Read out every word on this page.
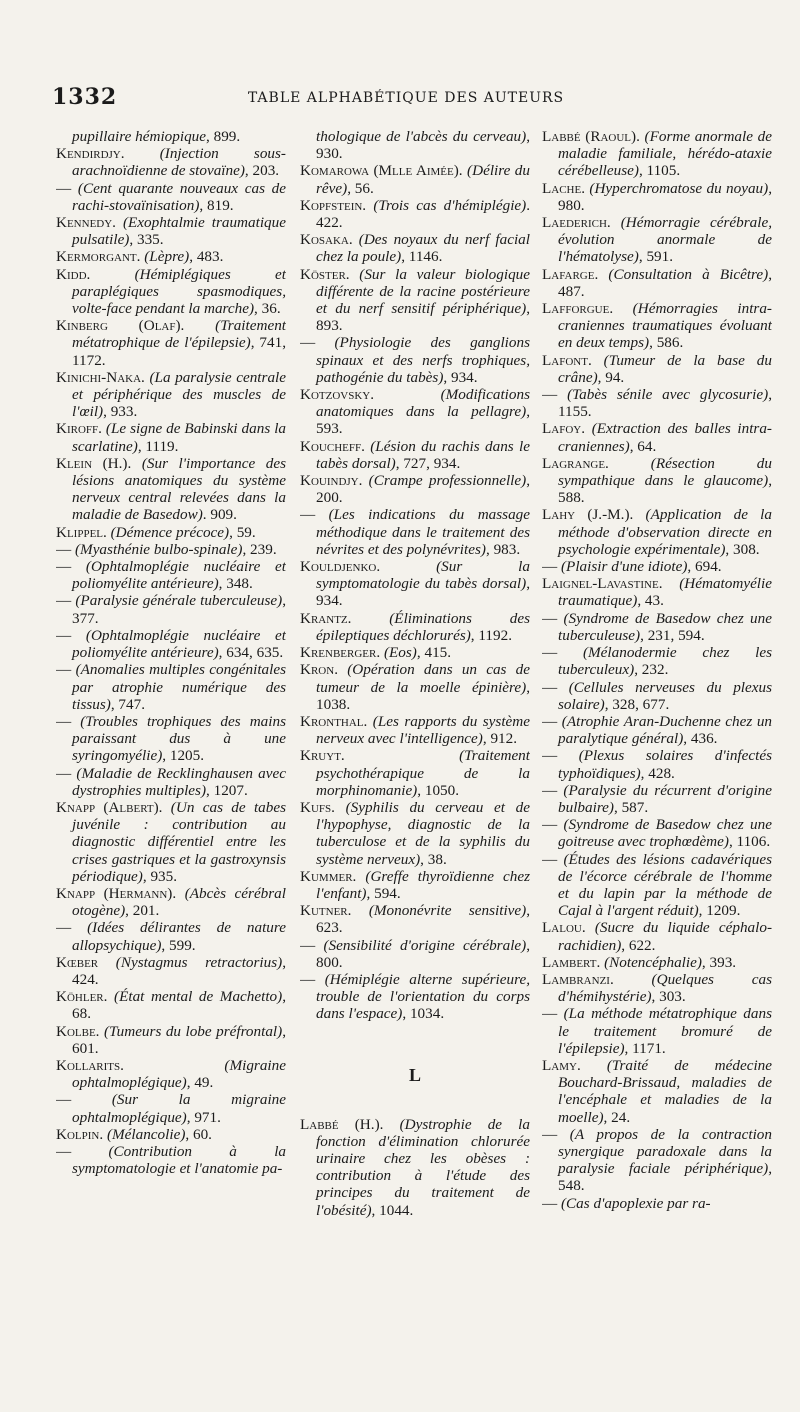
1332	TABLE ALPHABÉTIQUE DES AUTEURS

pupillaire hémiopique, 899.

Kendirdjy. (Injection sous-arachnoïdienne de stovaïne), 203.

— (Cent quarante nouveaux cas de rachi-stovaïnisation), 819.

Kennedy. (Exophtalmie traumatique pulsatile), 335.

Kermorgant. (Lèpre), 483.

Kidd.	(Hémiplégiques et paraplégiques spasmodiques, volte-face pendant la marche), 36.

Kinberg (Olaf). (Traitement métatrophique de l'épilepsie), 741, 1172.

Kinichi-Naka. (La paralysie centrale et périphérique des muscles de l'œil), 933.

Kiroff. (Le signe de Babinski dans la scarlatine), 1119.

Klein (H.). (Sur l'importance des lésions anatomiques du système nerveux central relevées dans la maladie de Basedow). 909.

Klippel. (Démence précoce), 59.

— (Myasthénie bulbo-spinale), 239.

— (Ophtalmoplégie nucléaire et poliomyélite antérieure), 348.

— (Paralysie générale tuberculeuse), 377.

— (Ophtalmoplégie nucléaire et poliomyélite antérieure), 634, 635.

— (Anomalies multiples congénitales par atrophie numérique des tissus), 747.

— (Troubles trophiques des mains paraissant dus à une syringomyélie), 1205.

— (Maladie de Recklinghausen avec dystrophies multiples), 1207.

Knapp (Albert). (Un cas de tabes juvénile : contribution au diagnostic différentiel entre les crises gastriques et la gastroxynsis périodique), 935.

Knapp (Hermann). (Abcès cérébral otogène), 201.

— (Idées délirantes de nature allopsychique), 599.

Kœber (Nystagmus retractorius), 424.

Köhler. (État mental de Machetto), 68.

Kolbe. (Tumeurs du lobe préfrontal), 601.

Kollarits.	(Migraine ophtalmoplégique), 49.

—	(Sur la migraine ophtalmoplégique), 971.

Kolpin. (Mélancolie), 60.

— (Contribution à la symptomatologie et l'anatomie pa-

thologique de l'abcès du cerveau), 930.

Komarowa (Mlle Aimée). (Délire du rêve), 56.

Kopfstein. (Trois cas d'hémiplégie). 422.

Kosaka. (Des noyaux du nerf facial chez la poule), 1146.

Köster. (Sur la valeur biologique différente de la racine postérieure et du nerf sensitif périphérique), 893.

— (Physiologie des ganglions spinaux et des nerfs trophiques, pathogénie du tabès), 934.

Kotzovsky.	(Modifications anatomiques dans la pellagre), 593.

Koucheff. (Lésion du rachis dans le tabès dorsal), 727, 934.

Kouindjy. (Crampe professionnelle), 200.

— (Les indications du massage méthodique dans le traitement des névrites et des polynévrites), 983.

Kouldjenko.	(Sur la symptomatologie du tabès dorsal), 934.

Krantz. (Éliminations des épileptiques déchlorurés), 1192.

Krenberger. (Eos), 415.

Kron. (Opération dans un cas de tumeur de la moelle épinière), 1038.

Kronthal. (Les rapports du système nerveux avec l'intelligence), 912.

Kruyt.	(Traitement psychothérapique de la morphinomanie), 1050.

Kufs. (Syphilis du cerveau et de l'hypophyse, diagnostic de la tuberculose et de la syphilis du système nerveux), 38.

Kummer. (Greffe thyroïdienne chez l'enfant), 594.

Kutner. (Mononévrite sensitive), 623.

— (Sensibilité d'origine cérébrale), 800.

— (Hémiplégie alterne supérieure, trouble de l'orientation du corps dans l'espace), 1034.

L

Labbé (H.). (Dystrophie de la fonction d'élimination chlorurée urinaire chez les obèses : contribution à l'étude des principes du traitement de l'obésité), 1044.

Labbé (Raoul). (Forme anormale de maladie familiale, hérédo-ataxie cérébelleuse), 1105.

Lache. (Hyperchromatose du noyau), 980.

Laederich. (Hémorragie cérébrale, évolution anormale de l'hématolyse), 591.

Lafarge. (Consultation à Bicêtre), 487.

Lafforgue. (Hémorragies intra-craniennes traumatiques évoluant en deux temps), 586.

Lafont. (Tumeur de la base du crâne), 94.

— (Tabès sénile avec glycosurie), 1155.

Lafoy. (Extraction des balles intra-craniennes), 64.

Lagrange.	(Résection du sympathique dans le glaucome), 588.

Lahy (J.-M.). (Application de la méthode d'observation directe en psychologie expérimentale), 308.

— (Plaisir d'une idiote), 694.

Laignel-Lavastine. (Hématomyélie traumatique), 43.

— (Syndrome de Basedow chez une tuberculeuse), 231, 594.

— (Mélanodermie chez les tuberculeux), 232.

— (Cellules nerveuses du plexus solaire), 328, 677.

— (Atrophie Aran-Duchenne chez un paralytique général), 436.

— (Plexus solaires d'infectés typhoïdiques), 428.

— (Paralysie du récurrent d'origine bulbaire), 587.

— (Syndrome de Basedow chez une goitreuse avec trophœdème), 1106.

— (Études des lésions cadavériques de l'écorce cérébrale de l'homme et du lapin par la méthode de Cajal à l'argent réduit), 1209.

Lalou. (Sucre du liquide céphalo-rachidien), 622.

Lambert. (Notencéphalie), 393.

Lambranzi. (Quelques cas d'hémihystérie), 303.

— (La méthode métatrophique dans le traitement bromuré de l'épilepsie), 1171.

Lamy. (Traité de médecine Bouchard-Brissaud, maladies de l'encéphale et maladies de la moelle), 24.

— (A propos de la contraction synergique paradoxale dans la paralysie faciale périphérique), 548.

— (Cas d'apoplexie par ra-
